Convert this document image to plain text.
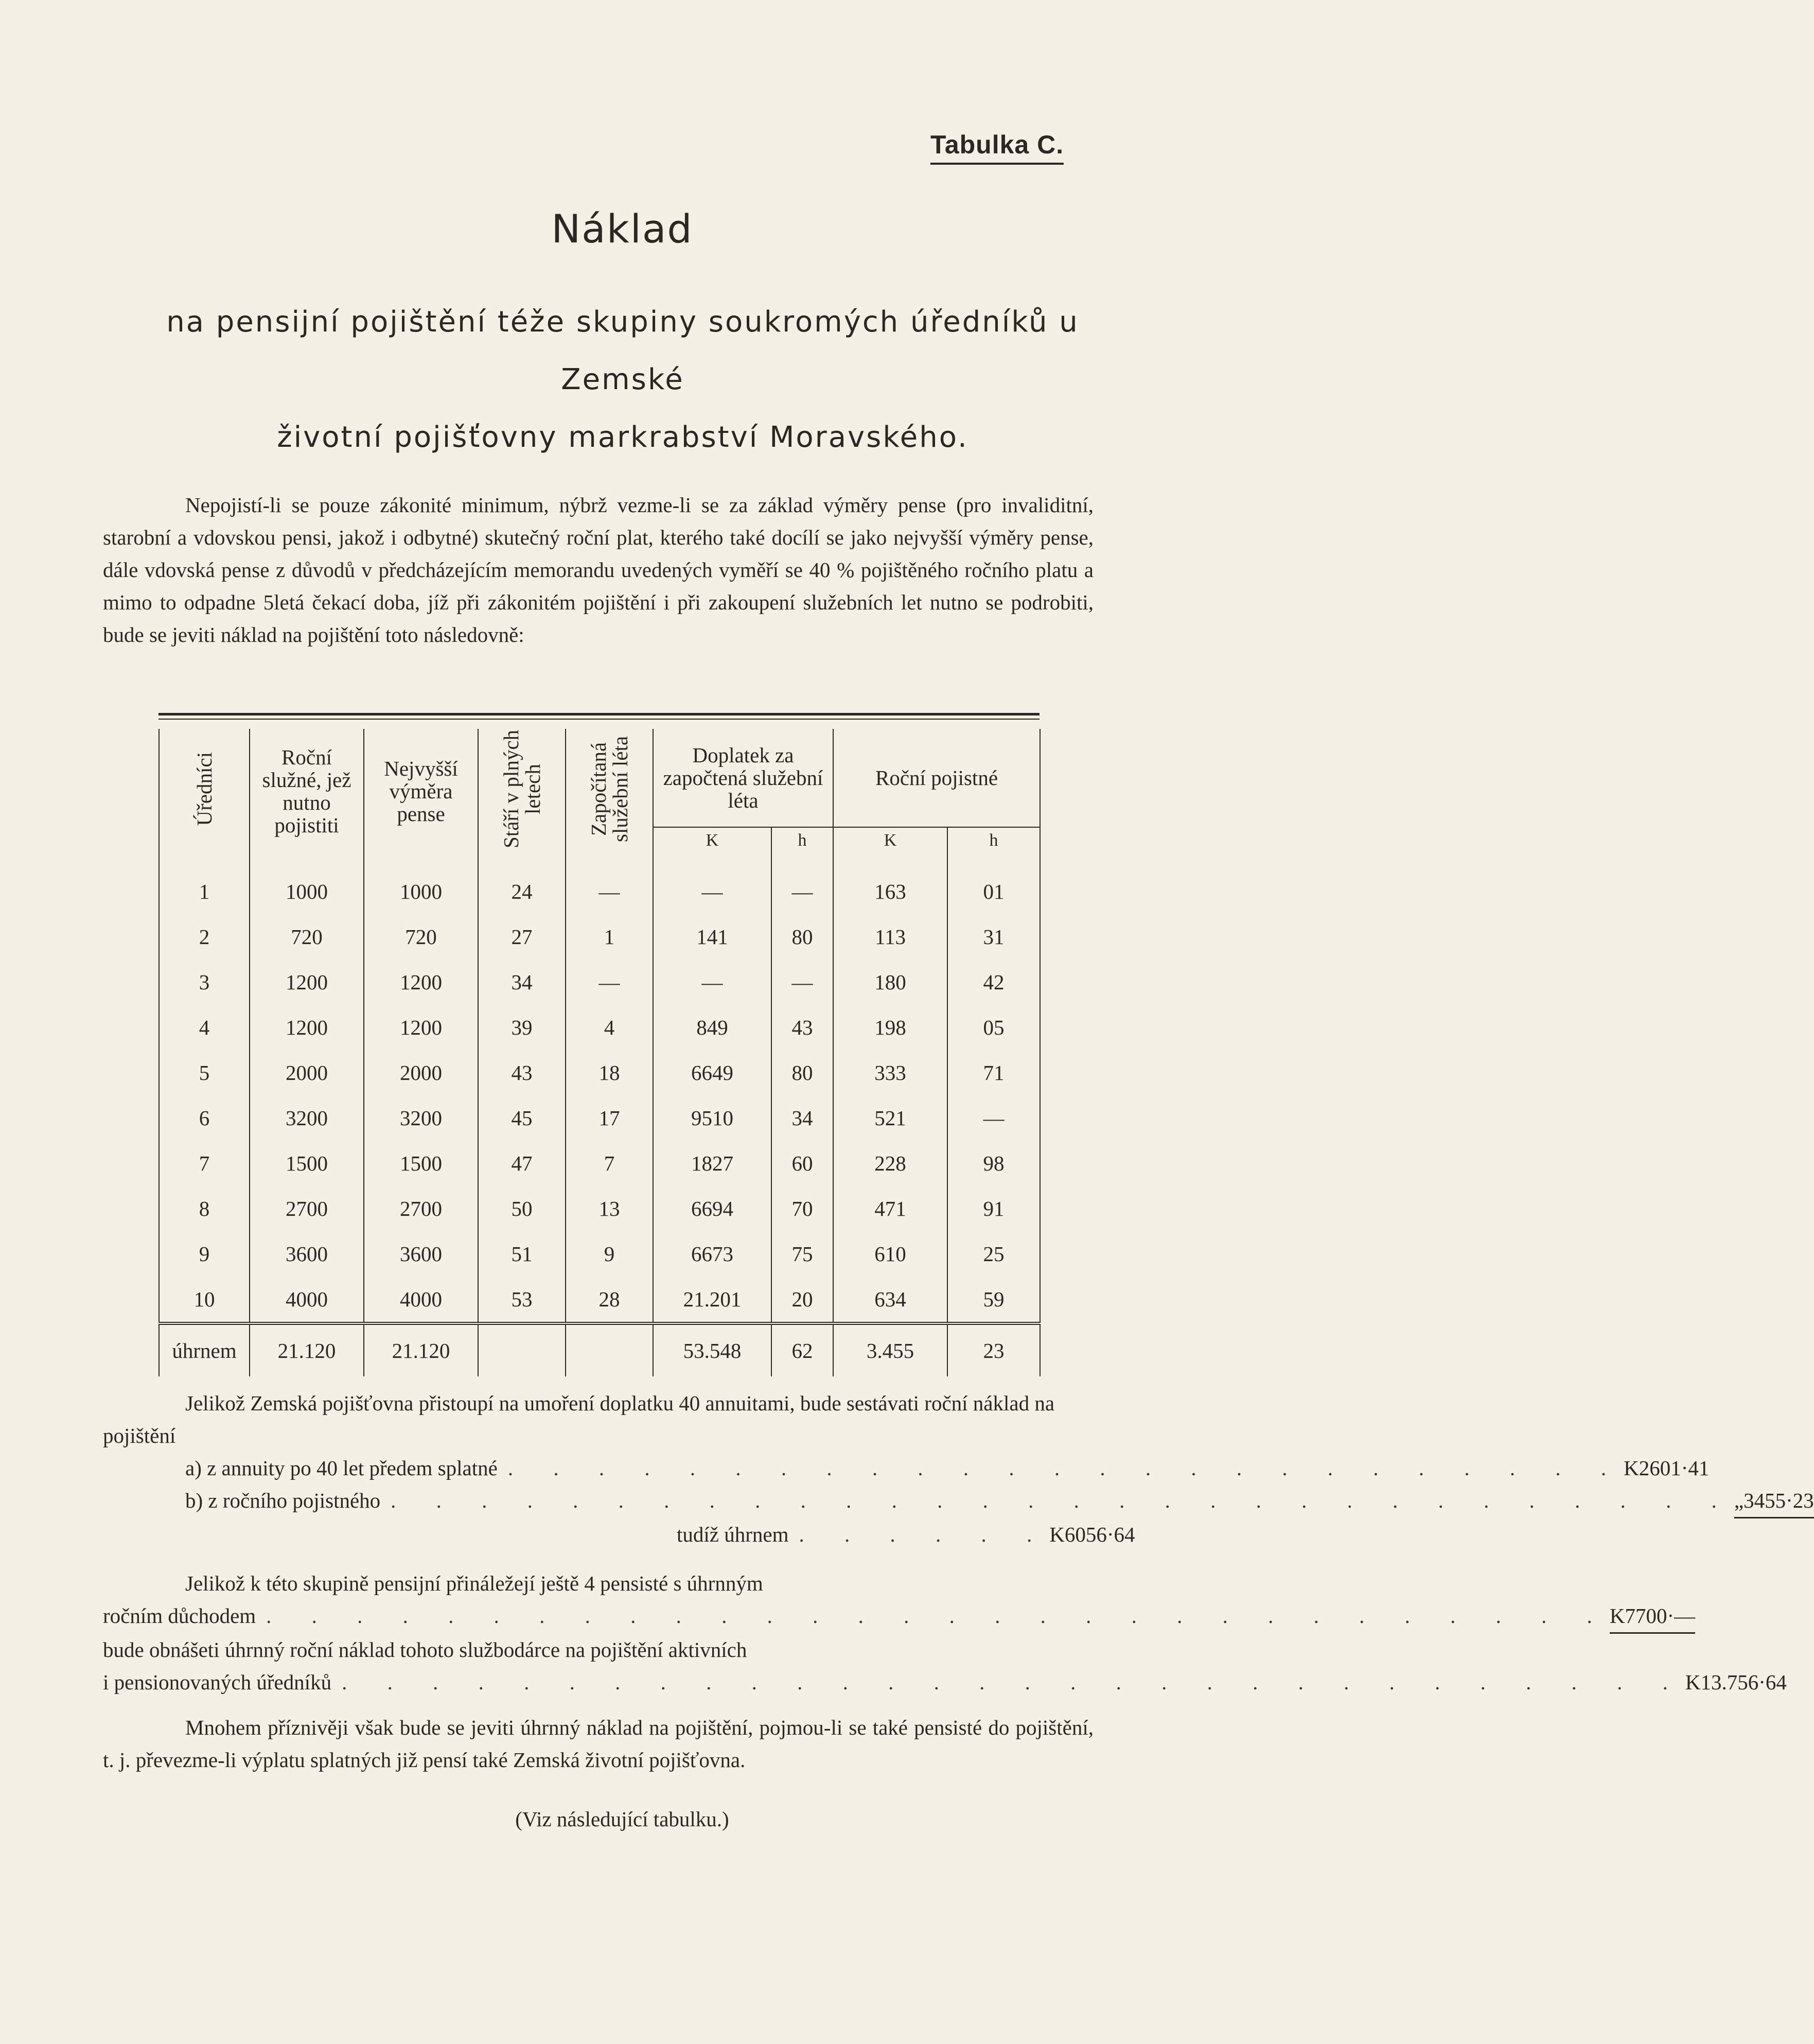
Tabulka C.
Náklad
na pensijní pojištění téže skupiny soukromých úředníků u Zemské
životní pojišťovny markrabství Moravského.

Nepojistí-li se pouze zákonité minimum, nýbrž vezme-li se za základ výměry pense (pro invaliditní, starobní a vdovskou pensi, jakož i odbytné) skutečný roční plat, kterého také docílí se jako nejvyšší výměry pense, dále vdovská pense z důvodů v předcházejícím memorandu uvedených vyměří se 40 % pojištěného ročního platu a mimo to odpadne 5letá čekací doba, jíž při zákonitém pojištění i při zakoupení služebních let nutno se podrobiti, bude se jeviti náklad na pojištění toto následovně:

Úředníci	Roční služné, jež nutno pojistiti	Nejvyšší výměra pense	Stáří v plných letech	Započítaná služební léta	Doplatek za započtená služební léta		Roční pojistné	
					K	h	K	h
1	1000	1000	24	—	—	—	163	01
2	720	720	27	1	141	80	113	31
3	1200	1200	34	—	—	—	180	42
4	1200	1200	39	4	849	43	198	05
5	2000	2000	43	18	6649	80	333	71
6	3200	3200	45	17	9510	34	521	—
7	1500	1500	47	7	1827	60	228	98
8	2700	2700	50	13	6694	70	471	91
9	3600	3600	51	9	6673	75	610	25
10	4000	4000	53	28	21.201	20	634	59
úhrnem	21.120	21.120			53.548	62	3.455	23

Jelikož Zemská pojišťovna přistoupí na umoření doplatku 40 annuitami, bude sestávati roční náklad na pojištění

a) z annuity po 40 let předem splatné . . . . . . . . . . . . . . . . . . . . . . . . . K 2601·41
b) z ročního pojistného . . . . . . . . . . . . . . . . . . . . . . . . . . . . . . „ 3455·23
tudíž úhrnem . . . . . . K 6056·64

Jelikož k této skupině pensijní přináležejí ještě 4 pensisté s úhrnným

ročním důchodem . . . . . . . . . . . . . . . . . . . . . . . . . . . . . . K 7700·—

bude obnášeti úhrnný roční náklad tohoto službodárce na pojištění aktivních

i pensionovaných úředníků . . . . . . . . . . . . . . . . . . . . . . . . . . . . . . K 13.756·64

Mnohem příznivěji však bude se jeviti úhrnný náklad na pojištění, pojmou-li se také pensisté do pojištění, t. j. převezme-li výplatu splatných již pensí také Zemská životní pojišťovna.

(Viz následující tabulku.)
